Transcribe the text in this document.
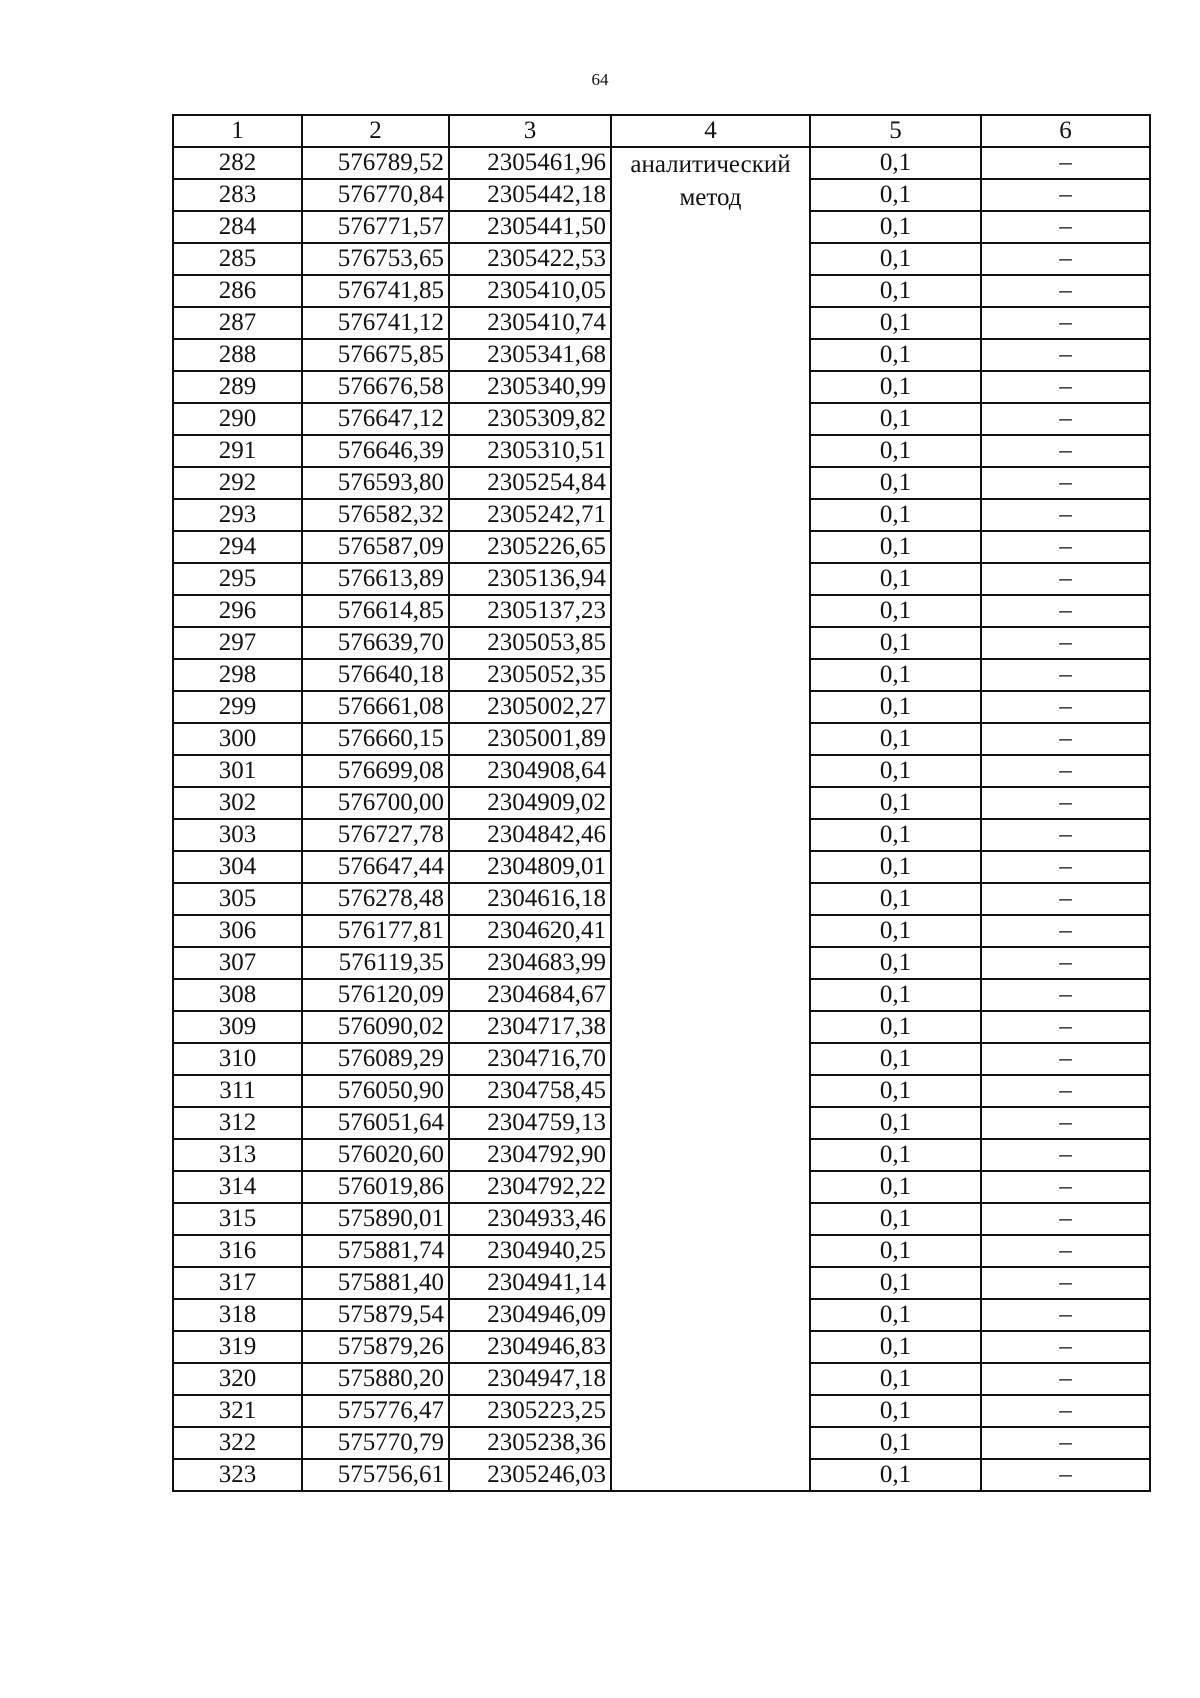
64
1	2	3	4	5	6
282	576789,52	2305461,96	аналитический метод	0,1	–
283	576770,84	2305442,18		0,1	–
284	576771,57	2305441,50		0,1	–
285	576753,65	2305422,53		0,1	–
286	576741,85	2305410,05		0,1	–
287	576741,12	2305410,74		0,1	–
288	576675,85	2305341,68		0,1	–
289	576676,58	2305340,99		0,1	–
290	576647,12	2305309,82		0,1	–
291	576646,39	2305310,51		0,1	–
292	576593,80	2305254,84		0,1	–
293	576582,32	2305242,71		0,1	–
294	576587,09	2305226,65		0,1	–
295	576613,89	2305136,94		0,1	–
296	576614,85	2305137,23		0,1	–
297	576639,70	2305053,85		0,1	–
298	576640,18	2305052,35		0,1	–
299	576661,08	2305002,27		0,1	–
300	576660,15	2305001,89		0,1	–
301	576699,08	2304908,64		0,1	–
302	576700,00	2304909,02		0,1	–
303	576727,78	2304842,46		0,1	–
304	576647,44	2304809,01		0,1	–
305	576278,48	2304616,18		0,1	–
306	576177,81	2304620,41		0,1	–
307	576119,35	2304683,99		0,1	–
308	576120,09	2304684,67		0,1	–
309	576090,02	2304717,38		0,1	–
310	576089,29	2304716,70		0,1	–
311	576050,90	2304758,45		0,1	–
312	576051,64	2304759,13		0,1	–
313	576020,60	2304792,90		0,1	–
314	576019,86	2304792,22		0,1	–
315	575890,01	2304933,46		0,1	–
316	575881,74	2304940,25		0,1	–
317	575881,40	2304941,14		0,1	–
318	575879,54	2304946,09		0,1	–
319	575879,26	2304946,83		0,1	–
320	575880,20	2304947,18		0,1	–
321	575776,47	2305223,25		0,1	–
322	575770,79	2305238,36		0,1	–
323	575756,61	2305246,03		0,1	–
